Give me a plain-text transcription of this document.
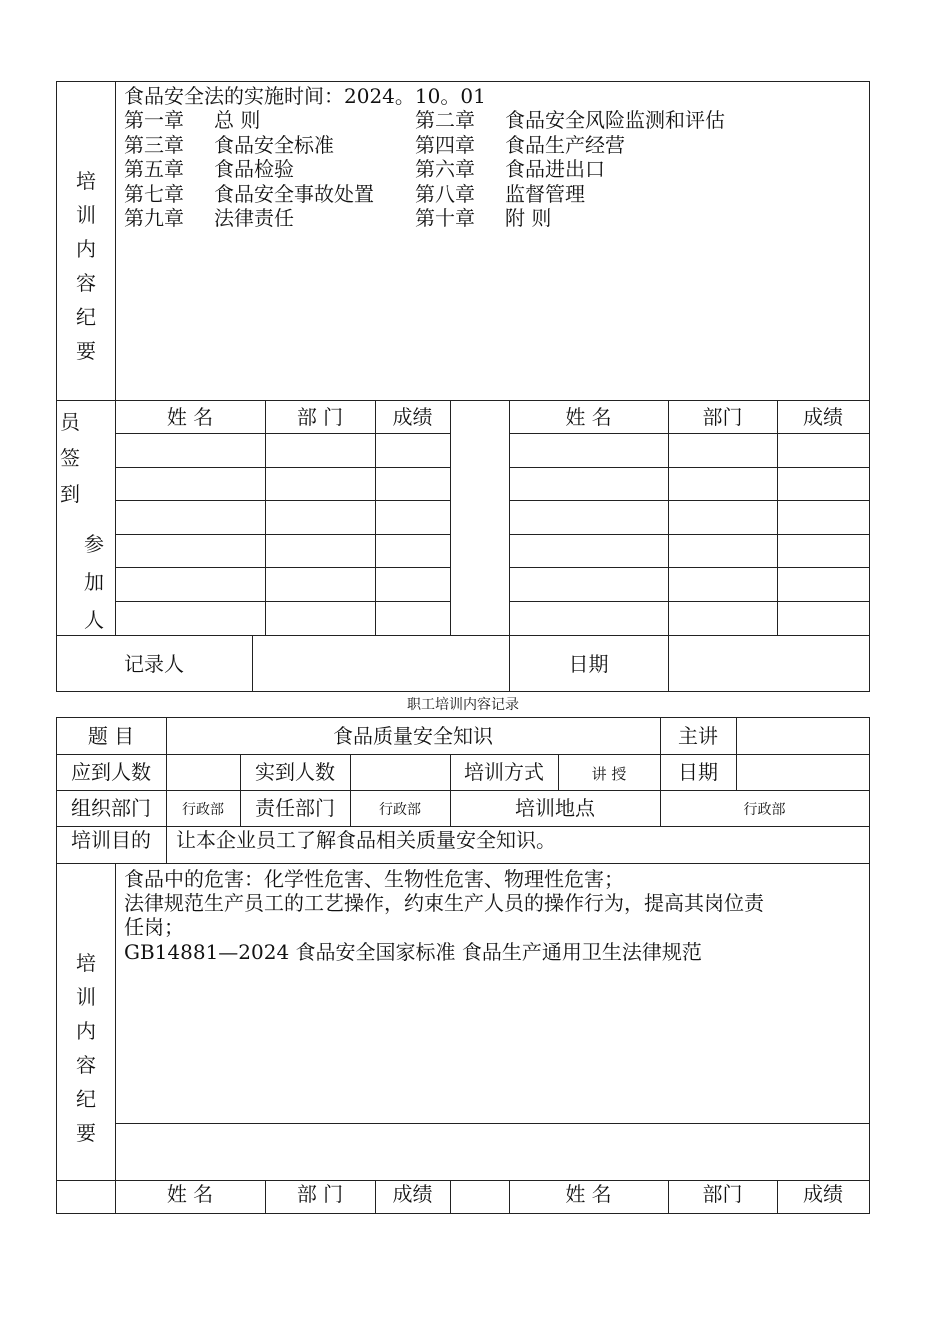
培
训
内
容
纪
要
食品安全法的实施时间：2024。10。01
第一章 总 则	第二章 食品安全风险监测和评估
第三章 食品安全标准	第四章 食品生产经营
第五章 食品检验	第六章 食品进出口
第七章 食品安全事故处置 第八章 监督管理
第九章 法律责任	第十章 附 则
员
签
到
参
加
人
姓 名	部 门	成绩	姓 名	部门	成绩
记录人	日期
职工培训内容记录
题 目	食品质量安全知识	主讲
应到人数	实到人数	培训方式	讲 授	日期
组织部门	行政部	责任部门	行政部	培训地点	行政部
培训目的	让本企业员工了解食品相关质量安全知识。
培
训
内
容
纪
要
食品中的危害：化学性危害、生物性危害、物理性危害；
法律规范生产员工的工艺操作，约束生产人员的操作行为，提高其岗位责
任岗；
GB14881—2024 食品安全国家标准 食品生产通用卫生法律规范
姓 名	部 门	成绩	姓 名	部门	成绩
